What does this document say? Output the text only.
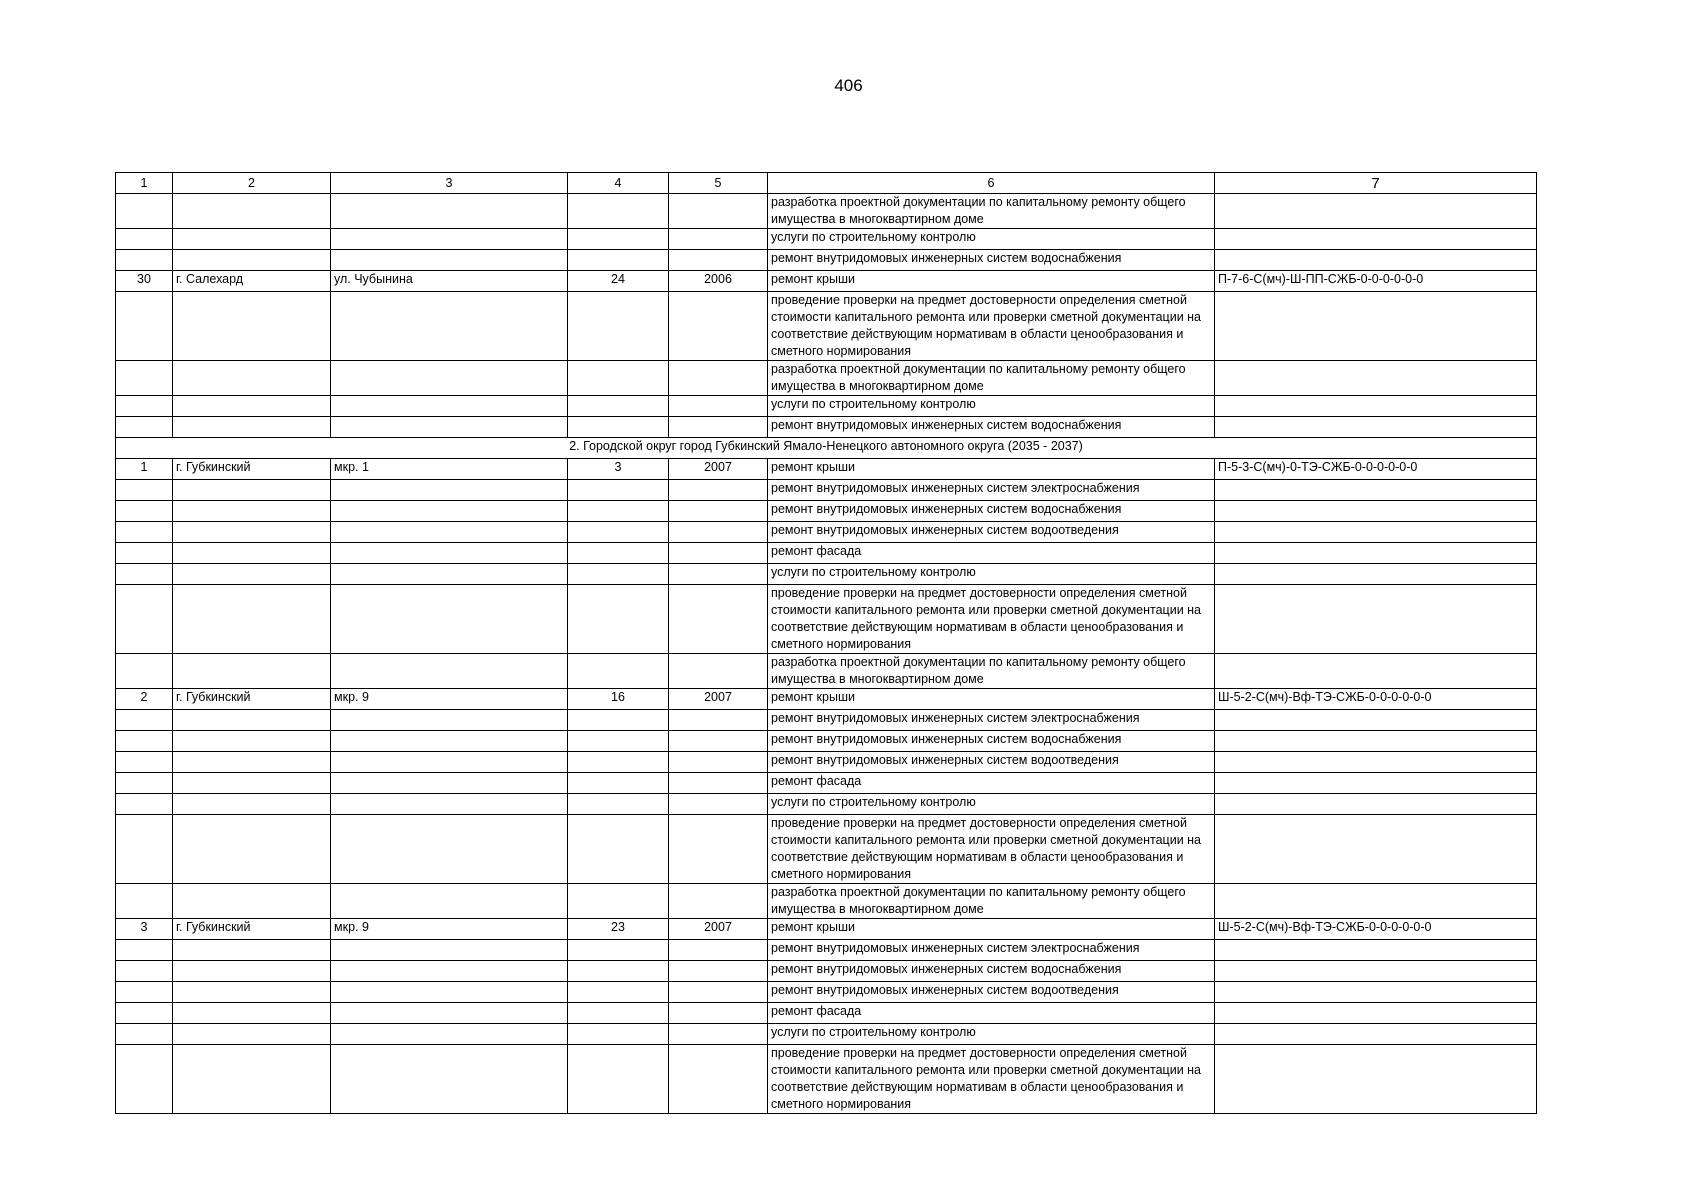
406
1	2	3	4	5	6	7
					разработка проектной документации по капитальному ремонту общего имущества в многоквартирном доме	
					услуги по строительному контролю	
					ремонт внутридомовых инженерных систем водоснабжения	
30	г. Салехард	ул. Чубынина	24	2006	ремонт крыши	П-7-6-С(мч)-Ш-ПП-СЖБ-0-0-0-0-0-0
					проведение проверки на предмет достоверности определения сметной стоимости капитального ремонта или проверки сметной документации на соответствие действующим нормативам в области ценообразования и сметного нормирования	
					разработка проектной документации по капитальному ремонту общего имущества в многоквартирном доме	
					услуги по строительному контролю	
					ремонт внутридомовых инженерных систем водоснабжения	
2. Городской округ город Губкинский Ямало-Ненецкого автономного округа (2035 - 2037)						
1	г. Губкинский	мкр. 1	3	2007	ремонт крыши	П-5-3-С(мч)-0-ТЭ-СЖБ-0-0-0-0-0-0
					ремонт внутридомовых инженерных систем электроснабжения	
					ремонт внутридомовых инженерных систем водоснабжения	
					ремонт внутридомовых инженерных систем водоотведения	
					ремонт фасада	
					услуги по строительному контролю	
					проведение проверки на предмет достоверности определения сметной стоимости капитального ремонта или проверки сметной документации на соответствие действующим нормативам в области ценообразования и сметного нормирования	
					разработка проектной документации по капитальному ремонту общего имущества в многоквартирном доме	
2	г. Губкинский	мкр. 9	16	2007	ремонт крыши	Ш-5-2-С(мч)-Вф-ТЭ-СЖБ-0-0-0-0-0-0
					ремонт внутридомовых инженерных систем электроснабжения	
					ремонт внутридомовых инженерных систем водоснабжения	
					ремонт внутридомовых инженерных систем водоотведения	
					ремонт фасада	
					услуги по строительному контролю	
					проведение проверки на предмет достоверности определения сметной стоимости капитального ремонта или проверки сметной документации на соответствие действующим нормативам в области ценообразования и сметного нормирования	
					разработка проектной документации по капитальному ремонту общего имущества в многоквартирном доме	
3	г. Губкинский	мкр. 9	23	2007	ремонт крыши	Ш-5-2-С(мч)-Вф-ТЭ-СЖБ-0-0-0-0-0-0
					ремонт внутридомовых инженерных систем электроснабжения	
					ремонт внутридомовых инженерных систем водоснабжения	
					ремонт внутридомовых инженерных систем водоотведения	
					ремонт фасада	
					услуги по строительному контролю	
					проведение проверки на предмет достоверности определения сметной стоимости капитального ремонта или проверки сметной документации на соответствие действующим нормативам в области ценообразования и сметного нормирования	
